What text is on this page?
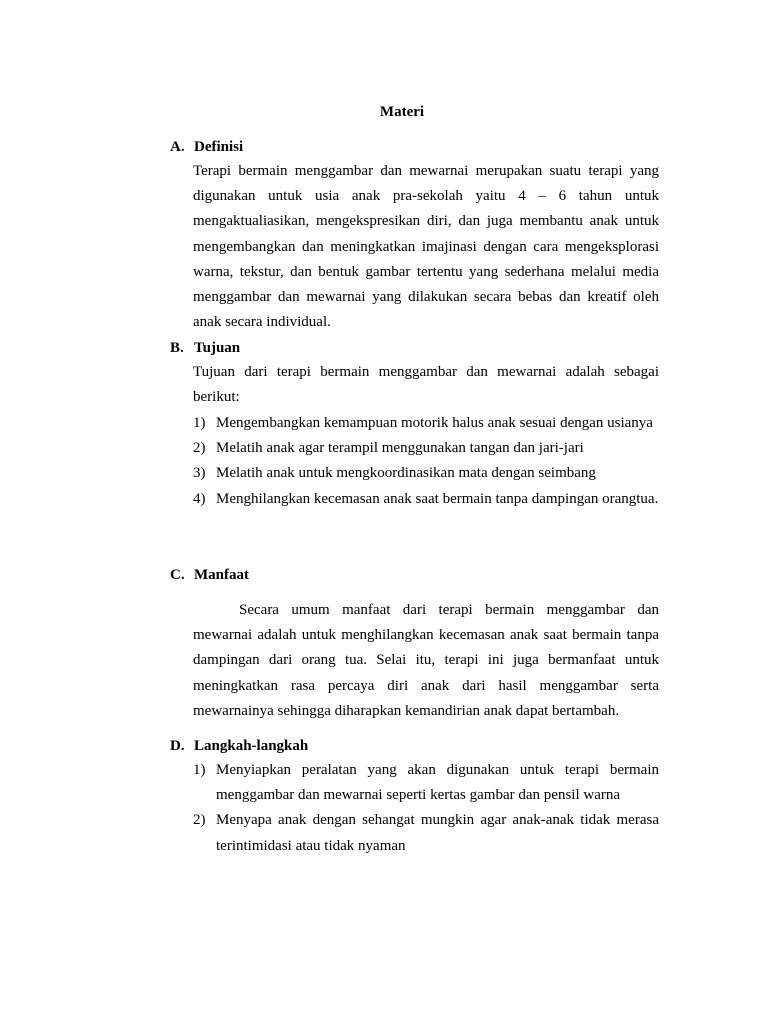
Materi
A. Definisi
Terapi bermain menggambar dan mewarnai merupakan suatu terapi yang digunakan untuk usia anak pra-sekolah yaitu 4 – 6 tahun untuk mengaktualiasikan, mengekspresikan diri, dan juga membantu anak untuk mengembangkan dan meningkatkan imajinasi dengan cara mengeksplorasi warna, tekstur, dan bentuk gambar tertentu yang sederhana melalui media menggambar dan mewarnai yang dilakukan secara bebas dan kreatif oleh anak secara individual.
B. Tujuan
Tujuan dari terapi bermain menggambar dan mewarnai adalah sebagai berikut:
1) Mengembangkan kemampuan motorik halus anak sesuai dengan usianya
2) Melatih anak agar terampil menggunakan tangan dan jari-jari
3) Melatih anak untuk mengkoordinasikan mata dengan seimbang
4) Menghilangkan kecemasan anak saat bermain tanpa dampingan orangtua.
C. Manfaat
Secara umum manfaat dari terapi bermain menggambar dan mewarnai adalah untuk menghilangkan kecemasan anak saat bermain tanpa dampingan dari orang tua. Selai itu, terapi ini juga bermanfaat untuk meningkatkan rasa percaya diri anak dari hasil menggambar serta mewarnainya sehingga diharapkan kemandirian anak dapat bertambah.
D. Langkah-langkah
1) Menyiapkan peralatan yang akan digunakan untuk terapi bermain menggambar dan mewarnai seperti kertas gambar dan pensil warna
2) Menyapa anak dengan sehangat mungkin agar anak-anak tidak merasa terintimidasi atau tidak nyaman
